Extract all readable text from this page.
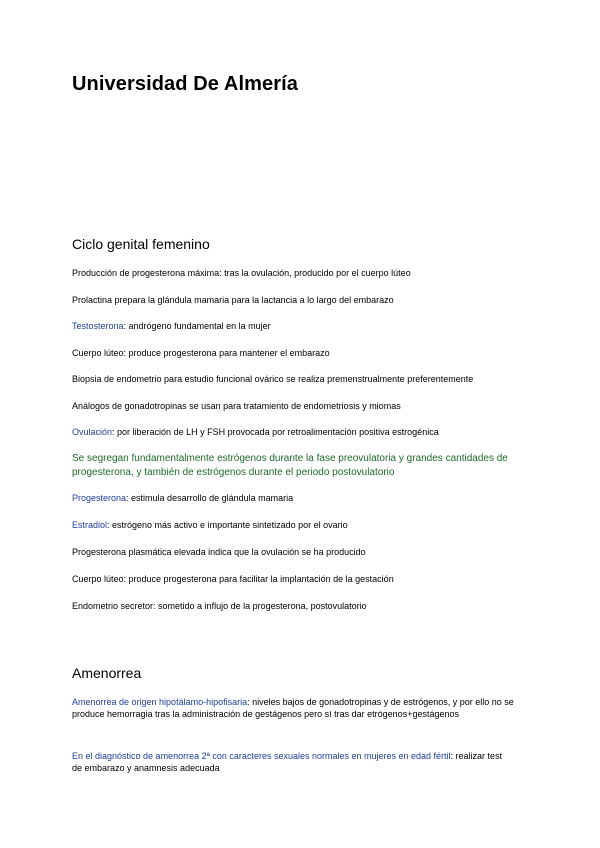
Universidad De Almería
Ciclo genital femenino

Producción de progesterona máxima: tras la ovulación, producido por el cuerpo lúteo

Prolactina prepara la glándula mamaria para la lactancia a lo largo del embarazo

Testosterona: andrógeno fundamental en la mujer

Cuerpo lúteo: produce progesterona para mantener el embarazo

Biopsia de endometrio para estudio funcional ovárico se realiza premenstrualmente preferentemente

Análogos de gonadotropinas se usan para tratamiento de endometriosis y miomas

Ovulación: por liberación de LH y FSH provocada por retroalimentación positiva estrogénica

Se segregan fundamentalmente estrógenos durante la fase preovulatoria y grandes cantidades de progesterona, y también de estrógenos durante el periodo postovulatorio

Progesterona: estimula desarrollo de glándula mamaria

Estradiol: estrógeno más activo e importante sintetizado por el ovario

Progesterona plasmática elevada indica que la ovulación se ha producido

Cuerpo lúteo: produce progesterona para facilitar la implantación de la gestación

Endometrio secretor: sometido a influjo de la progesterona, postovulatorio

Amenorrea

Amenorrea de origen hipotálamo-hipofisaria: niveles bajos de gonadotropinas y de estrógenos, y por ello no se produce hemorragia tras la administración de gestágenos pero sí tras dar etrógenos+gestágenos

En el diagnóstico de amenorrea 2ª con caracteres sexuales normales en mujeres en edad fértil: realizar test de embarazo y anamnesis adecuada
